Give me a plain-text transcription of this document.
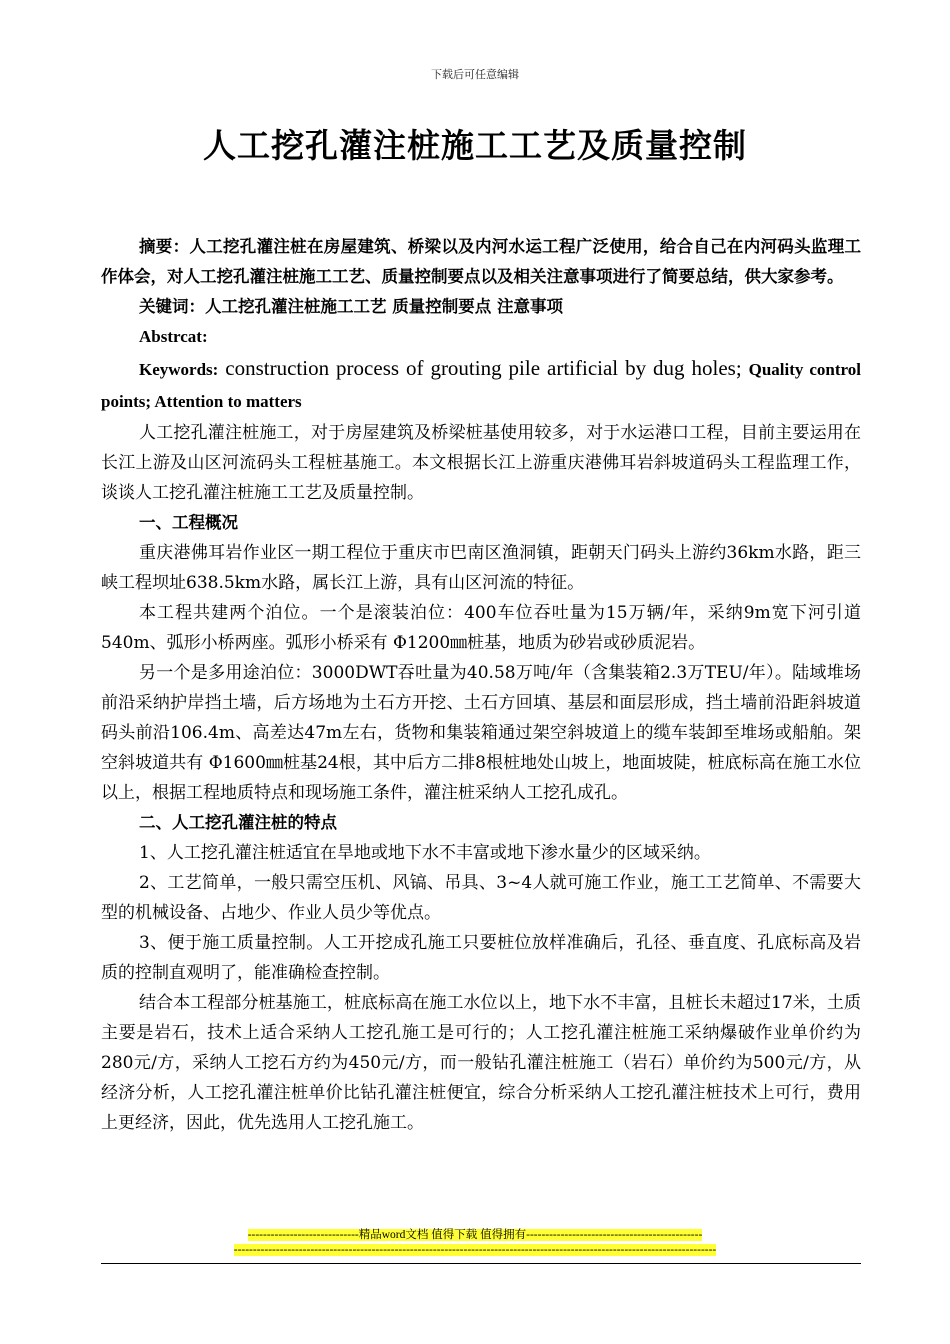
下载后可任意编辑
人工挖孔灌注桩施工工艺及质量控制

摘要：人工挖孔灌注桩在房屋建筑、桥梁以及内河水运工程广泛使用，给合自己在内河码头监理工作体会，对人工挖孔灌注桩施工工艺、质量控制要点以及相关注意事项进行了简要总结，供大家参考。

关键词：人工挖孔灌注桩施工工艺 质量控制要点 注意事项

Abstrcat:

Keywords: construction process of grouting pile artificial by dug holes; Quality control points; Attention to matters

人工挖孔灌注桩施工，对于房屋建筑及桥梁桩基使用较多，对于水运港口工程，目前主要运用在长江上游及山区河流码头工程桩基施工。本文根据长江上游重庆港佛耳岩斜坡道码头工程监理工作，谈谈人工挖孔灌注桩施工工艺及质量控制。

一、工程概况

重庆港佛耳岩作业区一期工程位于重庆市巴南区渔洞镇，距朝天门码头上游约36km水路，距三峡工程坝址638.5km水路，属长江上游，具有山区河流的特征。

本工程共建两个泊位。一个是滚装泊位：400车位吞吐量为15万辆/年，采纳9m宽下河引道540m、弧形小桥两座。弧形小桥采有 Φ1200㎜桩基，地质为砂岩或砂质泥岩。

另一个是多用途泊位：3000DWT吞吐量为40.58万吨/年（含集装箱2.3万TEU/年）。陆域堆场前沿采纳护岸挡土墙，后方场地为土石方开挖、土石方回填、基层和面层形成，挡土墙前沿距斜坡道码头前沿106.4m、高差达47m左右，货物和集装箱通过架空斜坡道上的缆车装卸至堆场或船舶。架空斜坡道共有 Φ1600㎜桩基24根，其中后方二排8根桩地处山坡上，地面坡陡，桩底标高在施工水位以上，根据工程地质特点和现场施工条件，灌注桩采纳人工挖孔成孔。

二、人工挖孔灌注桩的特点

1、人工挖孔灌注桩适宜在旱地或地下水不丰富或地下渗水量少的区域采纳。

2、工艺简单，一般只需空压机、风镐、吊具、3~4人就可施工作业，施工工艺简单、不需要大型的机械设备、占地少、作业人员少等优点。

3、便于施工质量控制。人工开挖成孔施工只要桩位放样准确后，孔径、垂直度、孔底标高及岩质的控制直观明了，能准确检查控制。

结合本工程部分桩基施工，桩底标高在施工水位以上，地下水不丰富，且桩长未超过17米，土质主要是岩石，技术上适合采纳人工挖孔施工是可行的；人工挖孔灌注桩施工采纳爆破作业单价约为280元/方，采纳人工挖石方约为450元/方，而一般钻孔灌注桩施工（岩石）单价约为500元/方，从经济分析，人工挖孔灌注桩单价比钻孔灌注桩便宜，综合分析采纳人工挖孔灌注桩技术上可行，费用上更经济，因此，优先选用人工挖孔施工。

-----------------------------精品word文档 值得下载 值得拥有----------------------------------------------
------------------------------------------------------------------------------------------------------------------------------
